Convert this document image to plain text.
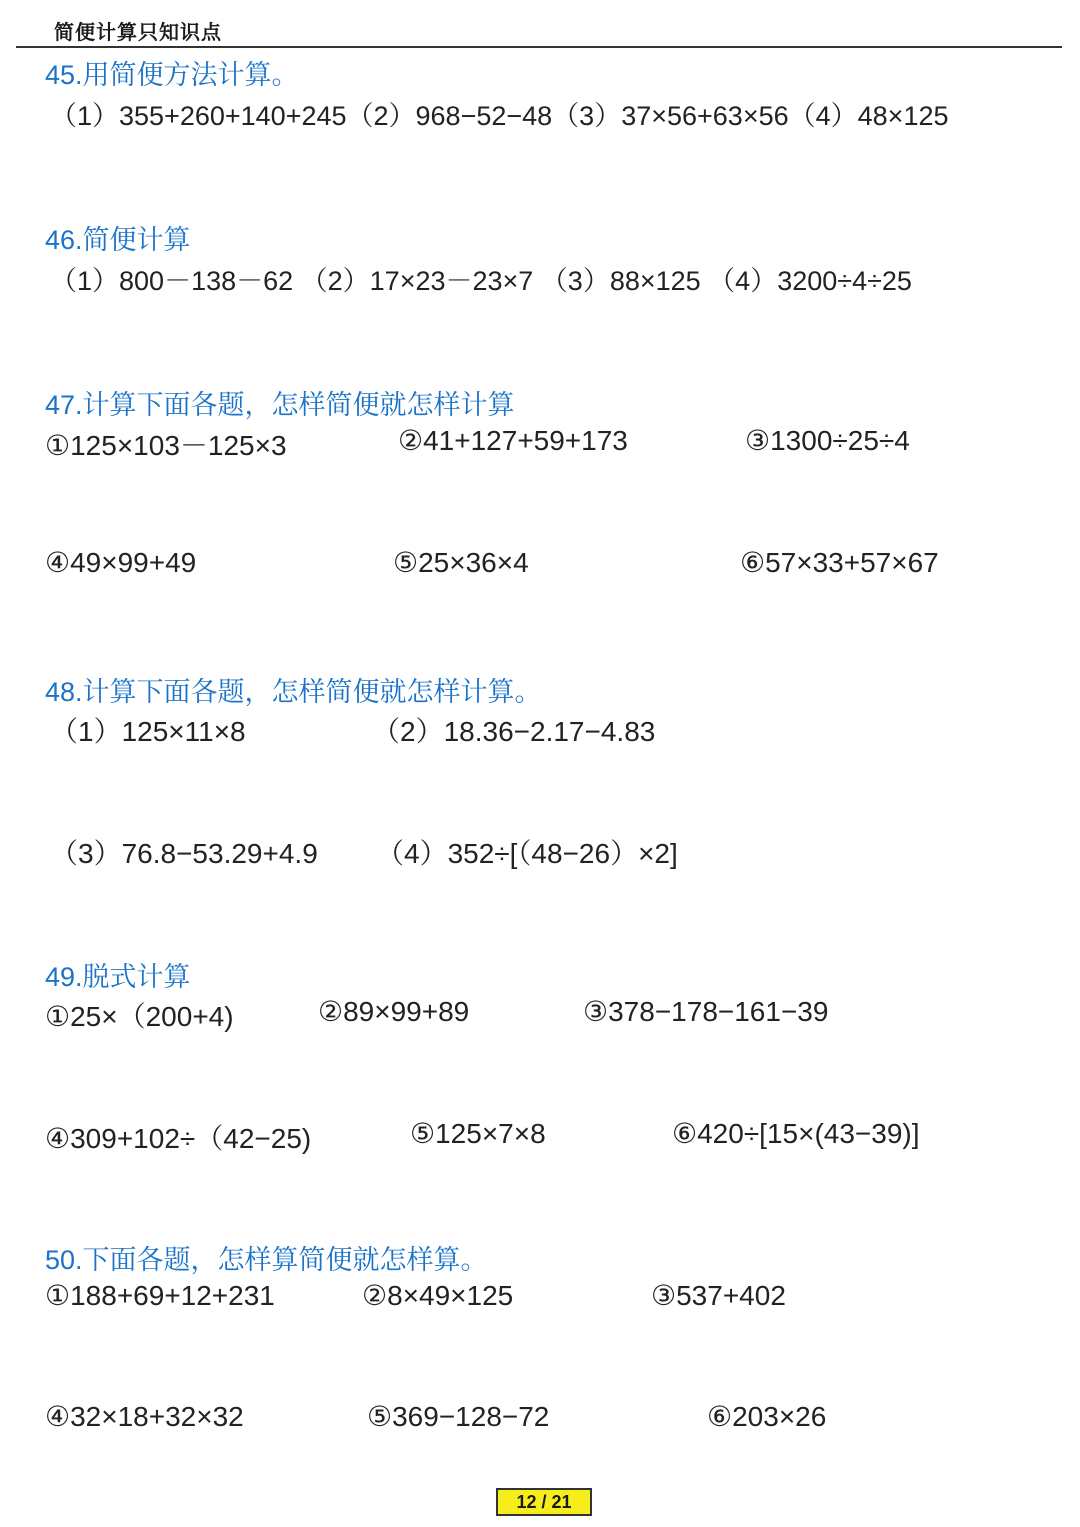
简便计算只知识点
45.用简便方法计算。
（1）355+260+140+245（2）968−52−48（3）37×56+63×56（4）48×125
46.简便计算
（1）800－138－62 （2）17×23－23×7 （3）88×125 （4）3200÷4÷25
47.计算下面各题，怎样简便就怎样计算
①125×103－125×3	②41+127+59+173	③1300÷25÷4
④49×99+49	⑤25×36×4	⑥57×33+57×67
48.计算下面各题，怎样简便就怎样计算。
（1）125×11×8	（2）18.36−2.17−4.83
（3）76.8−53.29+4.9 （4）352÷[（48−26）×2]
49.脱式计算
①25×（200+4)	②89×99+89	③378−178−161−39
④309+102÷（42−25)	⑤125×7×8	⑥420÷[15×(43−39)]
50.下面各题，怎样算简便就怎样算。
①188+69+12+231	②8×49×125	③537+402
④32×18+32×32	⑤369−128−72	⑥203×26
12 / 21
